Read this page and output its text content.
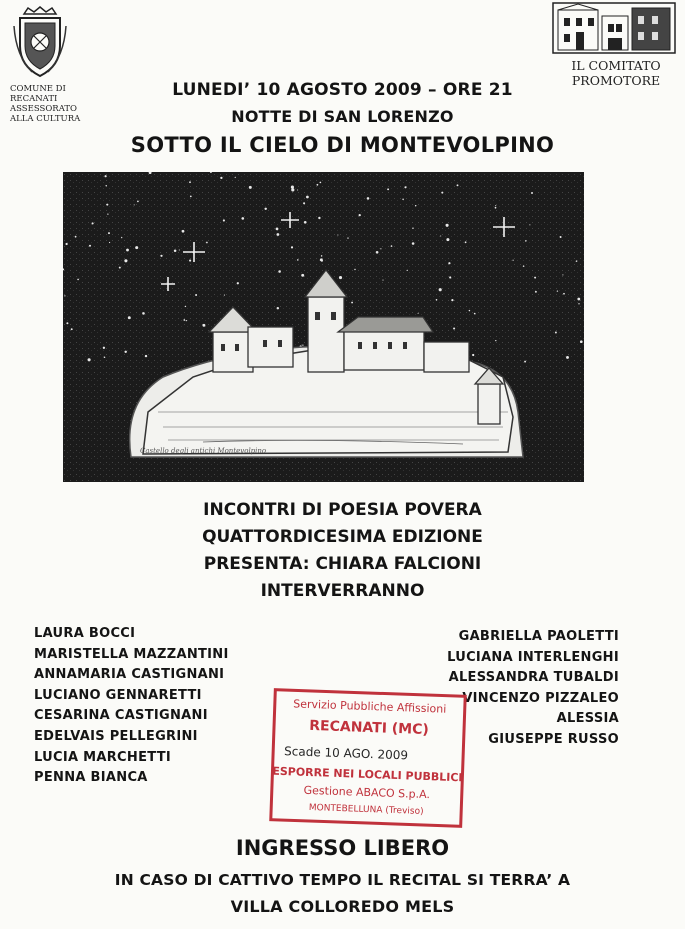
COMUNE DI
RECANATI
ASSESSORATO
ALLA CULTURA
IL COMITATO
PROMOTORE
LUNEDI’ 10 AGOSTO 2009 – ORE 21
NOTTE DI SAN LORENZO
SOTTO IL CIELO DI MONTEVOLPINO
Castello degli antichi Montevolpino
INCONTRI DI POESIA POVERA
QUATTORDICESIMA EDIZIONE
PRESENTA: CHIARA FALCIONI
INTERVERRANNO
LAURA BOCCI
MARISTELLA MAZZANTINI
ANNAMARIA CASTIGNANI
LUCIANO GENNARETTI
CESARINA CASTIGNANI
EDELVAIS PELLEGRINI
LUCIA MARCHETTI
PENNA BIANCA
GABRIELLA PAOLETTI
LUCIANA INTERLENGHI
ALESSANDRA TUBALDI
VINCENZO PIZZALEO
ALESSIA
GIUSEPPE RUSSO
Servizio Pubbliche Affissioni
RECANATI (MC)
Scade 10 AGO. 2009
ESPORRE NEI LOCALI PUBBLICI
Gestione ABACO S.p.A.
MONTEBELLUNA (Treviso)
INGRESSO LIBERO
IN CASO DI CATTIVO TEMPO IL RECITAL SI TERRA’ A
VILLA COLLOREDO MELS
